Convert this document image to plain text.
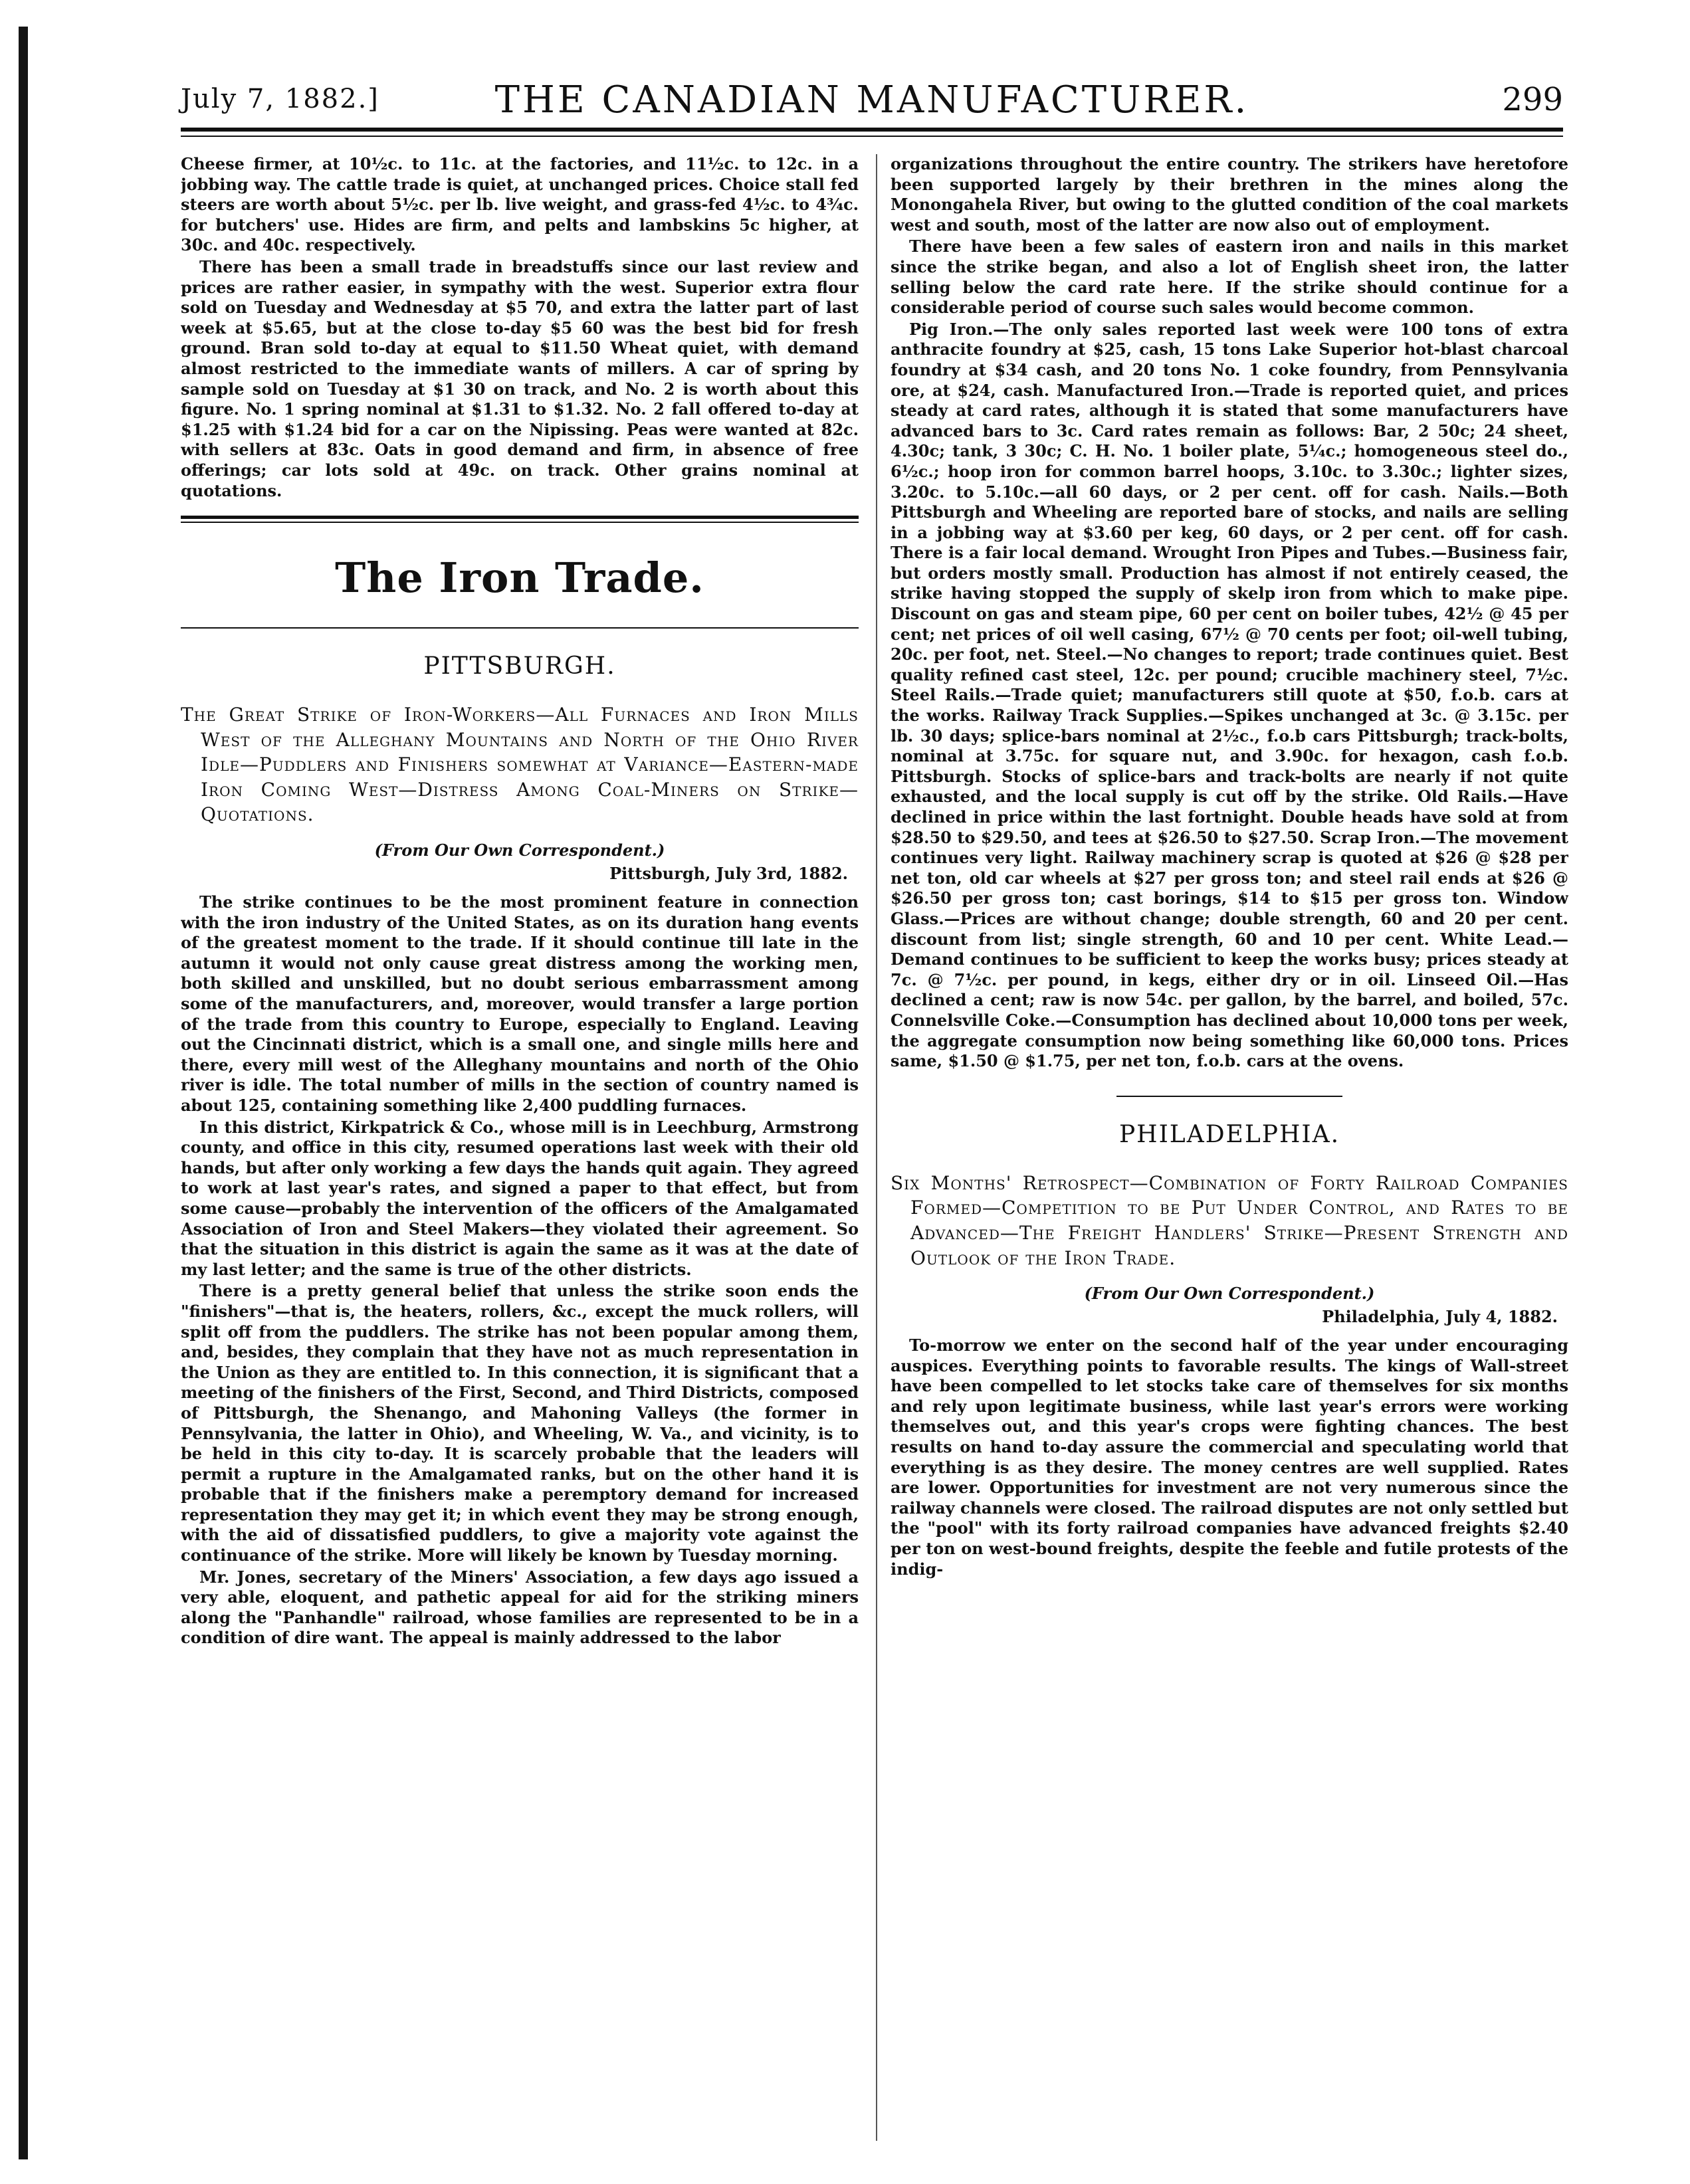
July 7, 1882.]	THE CANADIAN MANUFACTURER.	299

Cheese firmer, at 10½c. to 11c. at the factories, and 11½c. to 12c. in a jobbing way. The cattle trade is quiet, at unchanged prices. Choice stall fed steers are worth about 5½c. per lb. live weight, and grass-fed 4½c. to 4¾c. for butchers' use. Hides are firm, and pelts and lambskins 5c higher, at 30c. and 40c. respectively.

There has been a small trade in breadstuffs since our last review and prices are rather easier, in sympathy with the west. Superior extra flour sold on Tuesday and Wednesday at $5 70, and extra the latter part of last week at $5.65, but at the close to-day $5 60 was the best bid for fresh ground. Bran sold to-day at equal to $11.50 Wheat quiet, with demand almost restricted to the immediate wants of millers. A car of spring by sample sold on Tuesday at $1 30 on track, and No. 2 is worth about this figure. No. 1 spring nominal at $1.31 to $1.32. No. 2 fall offered to-day at $1.25 with $1.24 bid for a car on the Nipissing. Peas were wanted at 82c. with sellers at 83c. Oats in good demand and firm, in absence of free offerings; car lots sold at 49c. on track. Other grains nominal at quotations.

The Iron Trade.
PITTSBURGH.
The Great Strike of Iron-Workers—All Furnaces and Iron Mills West of the Alleghany Mountains and North of the Ohio River Idle—Puddlers and Finishers somewhat at Variance—Eastern-made Iron Coming West—Distress Among Coal-Miners on Strike—Quotations.
(From Our Own Correspondent.)
Pittsburgh, July 3rd, 1882.

The strike continues to be the most prominent feature in connection with the iron industry of the United States, as on its duration hang events of the greatest moment to the trade. If it should continue till late in the autumn it would not only cause great distress among the working men, both skilled and unskilled, but no doubt serious embarrassment among some of the manufacturers, and, moreover, would transfer a large portion of the trade from this country to Europe, especially to England. Leaving out the Cincinnati district, which is a small one, and single mills here and there, every mill west of the Alleghany mountains and north of the Ohio river is idle. The total number of mills in the section of country named is about 125, containing something like 2,400 puddling furnaces.

In this district, Kirkpatrick & Co., whose mill is in Leechburg, Armstrong county, and office in this city, resumed operations last week with their old hands, but after only working a few days the hands quit again. They agreed to work at last year's rates, and signed a paper to that effect, but from some cause—probably the intervention of the officers of the Amalgamated Association of Iron and Steel Makers—they violated their agreement. So that the situation in this district is again the same as it was at the date of my last letter; and the same is true of the other districts.

There is a pretty general belief that unless the strike soon ends the "finishers"—that is, the heaters, rollers, &c., except the muck rollers, will split off from the puddlers. The strike has not been popular among them, and, besides, they complain that they have not as much representation in the Union as they are entitled to. In this connection, it is significant that a meeting of the finishers of the First, Second, and Third Districts, composed of Pittsburgh, the Shenango, and Mahoning Valleys (the former in Pennsylvania, the latter in Ohio), and Wheeling, W. Va., and vicinity, is to be held in this city to-day. It is scarcely probable that the leaders will permit a rupture in the Amalgamated ranks, but on the other hand it is probable that if the finishers make a peremptory demand for increased representation they may get it; in which event they may be strong enough, with the aid of dissatisfied puddlers, to give a majority vote against the continuance of the strike. More will likely be known by Tuesday morning.

Mr. Jones, secretary of the Miners' Association, a few days ago issued a very able, eloquent, and pathetic appeal for aid for the striking miners along the "Panhandle" railroad, whose families are represented to be in a condition of dire want. The appeal is mainly addressed to the labor

organizations throughout the entire country. The strikers have heretofore been supported largely by their brethren in the mines along the Monongahela River, but owing to the glutted condition of the coal markets west and south, most of the latter are now also out of employment.

There have been a few sales of eastern iron and nails in this market since the strike began, and also a lot of English sheet iron, the latter selling below the card rate here. If the strike should continue for a considerable period of course such sales would become common.

Pig Iron.—The only sales reported last week were 100 tons of extra anthracite foundry at $25, cash, 15 tons Lake Superior hot-blast charcoal foundry at $34 cash, and 20 tons No. 1 coke foundry, from Pennsylvania ore, at $24, cash. Manufactured Iron.—Trade is reported quiet, and prices steady at card rates, although it is stated that some manufacturers have advanced bars to 3c. Card rates remain as follows: Bar, 2 50c; 24 sheet, 4.30c; tank, 3 30c; C. H. No. 1 boiler plate, 5¼c.; homogeneous steel do., 6½c.; hoop iron for common barrel hoops, 3.10c. to 3.30c.; lighter sizes, 3.20c. to 5.10c.—all 60 days, or 2 per cent. off for cash. Nails.—Both Pittsburgh and Wheeling are reported bare of stocks, and nails are selling in a jobbing way at $3.60 per keg, 60 days, or 2 per cent. off for cash. There is a fair local demand. Wrought Iron Pipes and Tubes.—Business fair, but orders mostly small. Production has almost if not entirely ceased, the strike having stopped the supply of skelp iron from which to make pipe. Discount on gas and steam pipe, 60 per cent on boiler tubes, 42½ @ 45 per cent; net prices of oil well casing, 67½ @ 70 cents per foot; oil-well tubing, 20c. per foot, net. Steel.—No changes to report; trade continues quiet. Best quality refined cast steel, 12c. per pound; crucible machinery steel, 7½c. Steel Rails.—Trade quiet; manufacturers still quote at $50, f.o.b. cars at the works. Railway Track Supplies.—Spikes unchanged at 3c. @ 3.15c. per lb. 30 days; splice-bars nominal at 2½c., f.o.b cars Pittsburgh; track-bolts, nominal at 3.75c. for square nut, and 3.90c. for hexagon, cash f.o.b. Pittsburgh. Stocks of splice-bars and track-bolts are nearly if not quite exhausted, and the local supply is cut off by the strike. Old Rails.—Have declined in price within the last fortnight. Double heads have sold at from $28.50 to $29.50, and tees at $26.50 to $27.50. Scrap Iron.—The movement continues very light. Railway machinery scrap is quoted at $26 @ $28 per net ton, old car wheels at $27 per gross ton; and steel rail ends at $26 @ $26.50 per gross ton; cast borings, $14 to $15 per gross ton. Window Glass.—Prices are without change; double strength, 60 and 20 per cent. discount from list; single strength, 60 and 10 per cent. White Lead.—Demand continues to be sufficient to keep the works busy; prices steady at 7c. @ 7½c. per pound, in kegs, either dry or in oil. Linseed Oil.—Has declined a cent; raw is now 54c. per gallon, by the barrel, and boiled, 57c. Connelsville Coke.—Consumption has declined about 10,000 tons per week, the aggregate consumption now being something like 60,000 tons. Prices same, $1.50 @ $1.75, per net ton, f.o.b. cars at the ovens.

PHILADELPHIA.
Six Months' Retrospect—Combination of Forty Railroad Companies Formed—Competition to be Put Under Control, and Rates to be Advanced—The Freight Handlers' Strike—Present Strength and Outlook of the Iron Trade.
(From Our Own Correspondent.)
Philadelphia, July 4, 1882.

To-morrow we enter on the second half of the year under encouraging auspices. Everything points to favorable results. The kings of Wall-street have been compelled to let stocks take care of themselves for six months and rely upon legitimate business, while last year's errors were working themselves out, and this year's crops were fighting chances. The best results on hand to-day assure the commercial and speculating world that everything is as they desire. The money centres are well supplied. Rates are lower. Opportunities for investment are not very numerous since the railway channels were closed. The railroad disputes are not only settled but the "pool" with its forty railroad companies have advanced freights $2.40 per ton on west-bound freights, despite the feeble and futile protests of the indig-
